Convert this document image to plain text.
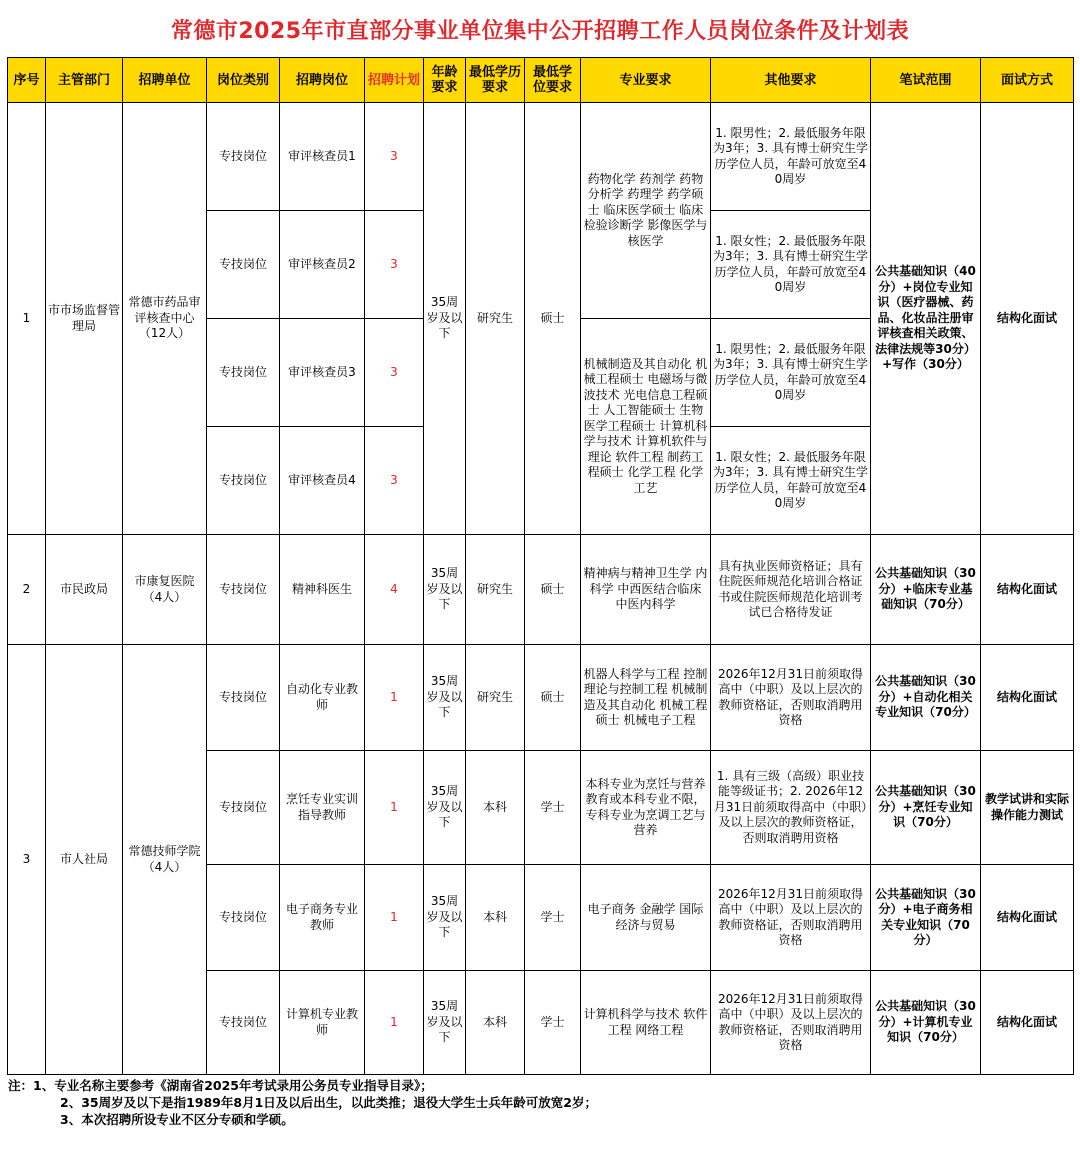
常德市2025年市直部分事业单位集中公开招聘工作人员岗位条件及计划表
序号	主管部门	招聘单位	岗位类别	招聘岗位	招聘计划	年龄要求	最低学历要求	最低学位要求	专业要求	其他要求	笔试范围	面试方式
1	市市场监督管理局	常德市药品审评核查中心（12人）	专技岗位	审评核查员1	3	35周岁及以下	研究生	硕士	药物化学 药剂学 药物分析学 药理学 药学硕士 临床医学硕士 临床检验诊断学 影像医学与核医学	1. 限男性；2. 最低服务年限为3年；3. 具有博士研究生学历学位人员，年龄可放宽至40周岁	公共基础知识（40分）+岗位专业知识（医疗器械、药品、化妆品注册审评核查相关政策、法律法规等30分）+写作（30分）	结构化面试
			专技岗位	审评核查员2	3					1. 限女性；2. 最低服务年限为3年；3. 具有博士研究生学历学位人员，年龄可放宽至40周岁		
			专技岗位	审评核查员3	3				机械制造及其自动化 机械工程硕士 电磁场与微波技术 光电信息工程硕士 人工智能硕士 生物医学工程硕士 计算机科学与技术 计算机软件与理论 软件工程 制药工程硕士 化学工程 化学工艺	1. 限男性；2. 最低服务年限为3年；3. 具有博士研究生学历学位人员，年龄可放宽至40周岁		
			专技岗位	审评核查员4	3					1. 限女性；2. 最低服务年限为3年；3. 具有博士研究生学历学位人员，年龄可放宽至40周岁		
2	市民政局	市康复医院（4人）	专技岗位	精神科医生	4	35周岁及以下	研究生	硕士	精神病与精神卫生学 内科学 中西医结合临床 中医内科学	具有执业医师资格证；具有住院医师规范化培训合格证书或住院医师规范化培训考试已合格待发证	公共基础知识（30分）+临床专业基础知识（70分）	结构化面试
3	市人社局	常德技师学院（4人）	专技岗位	自动化专业教师	1	35周岁及以下	研究生	硕士	机器人科学与工程 控制理论与控制工程 机械制造及其自动化 机械工程硕士 机械电子工程	2026年12月31日前须取得高中（中职）及以上层次的教师资格证，否则取消聘用资格	公共基础知识（30分）+自动化相关专业知识（70分）	结构化面试
			专技岗位	烹饪专业实训指导教师	1	35周岁及以下	本科	学士	本科专业为烹饪与营养教育或本科专业不限，专科专业为烹调工艺与营养	1. 具有三级（高级）职业技能等级证书；2. 2026年12月31日前须取得高中（中职）及以上层次的教师资格证，否则取消聘用资格	公共基础知识（30分）+烹饪专业知识（70分）	教学试讲和实际操作能力测试
			专技岗位	电子商务专业教师	1	35周岁及以下	本科	学士	电子商务 金融学 国际经济与贸易	2026年12月31日前须取得高中（中职）及以上层次的教师资格证，否则取消聘用资格	公共基础知识（30分）+电子商务相关专业知识（70分）	结构化面试
			专技岗位	计算机专业教师	1	35周岁及以下	本科	学士	计算机科学与技术 软件工程 网络工程	2026年12月31日前须取得高中（中职）及以上层次的教师资格证，否则取消聘用资格	公共基础知识（30分）+计算机专业知识（70分）	结构化面试
注：1、专业名称主要参考《湖南省2025年考试录用公务员专业指导目录》；
2、35周岁及以下是指1989年8月1日及以后出生，以此类推；退役大学生士兵年龄可放宽2岁；
3、本次招聘所设专业不区分专硕和学硕。
